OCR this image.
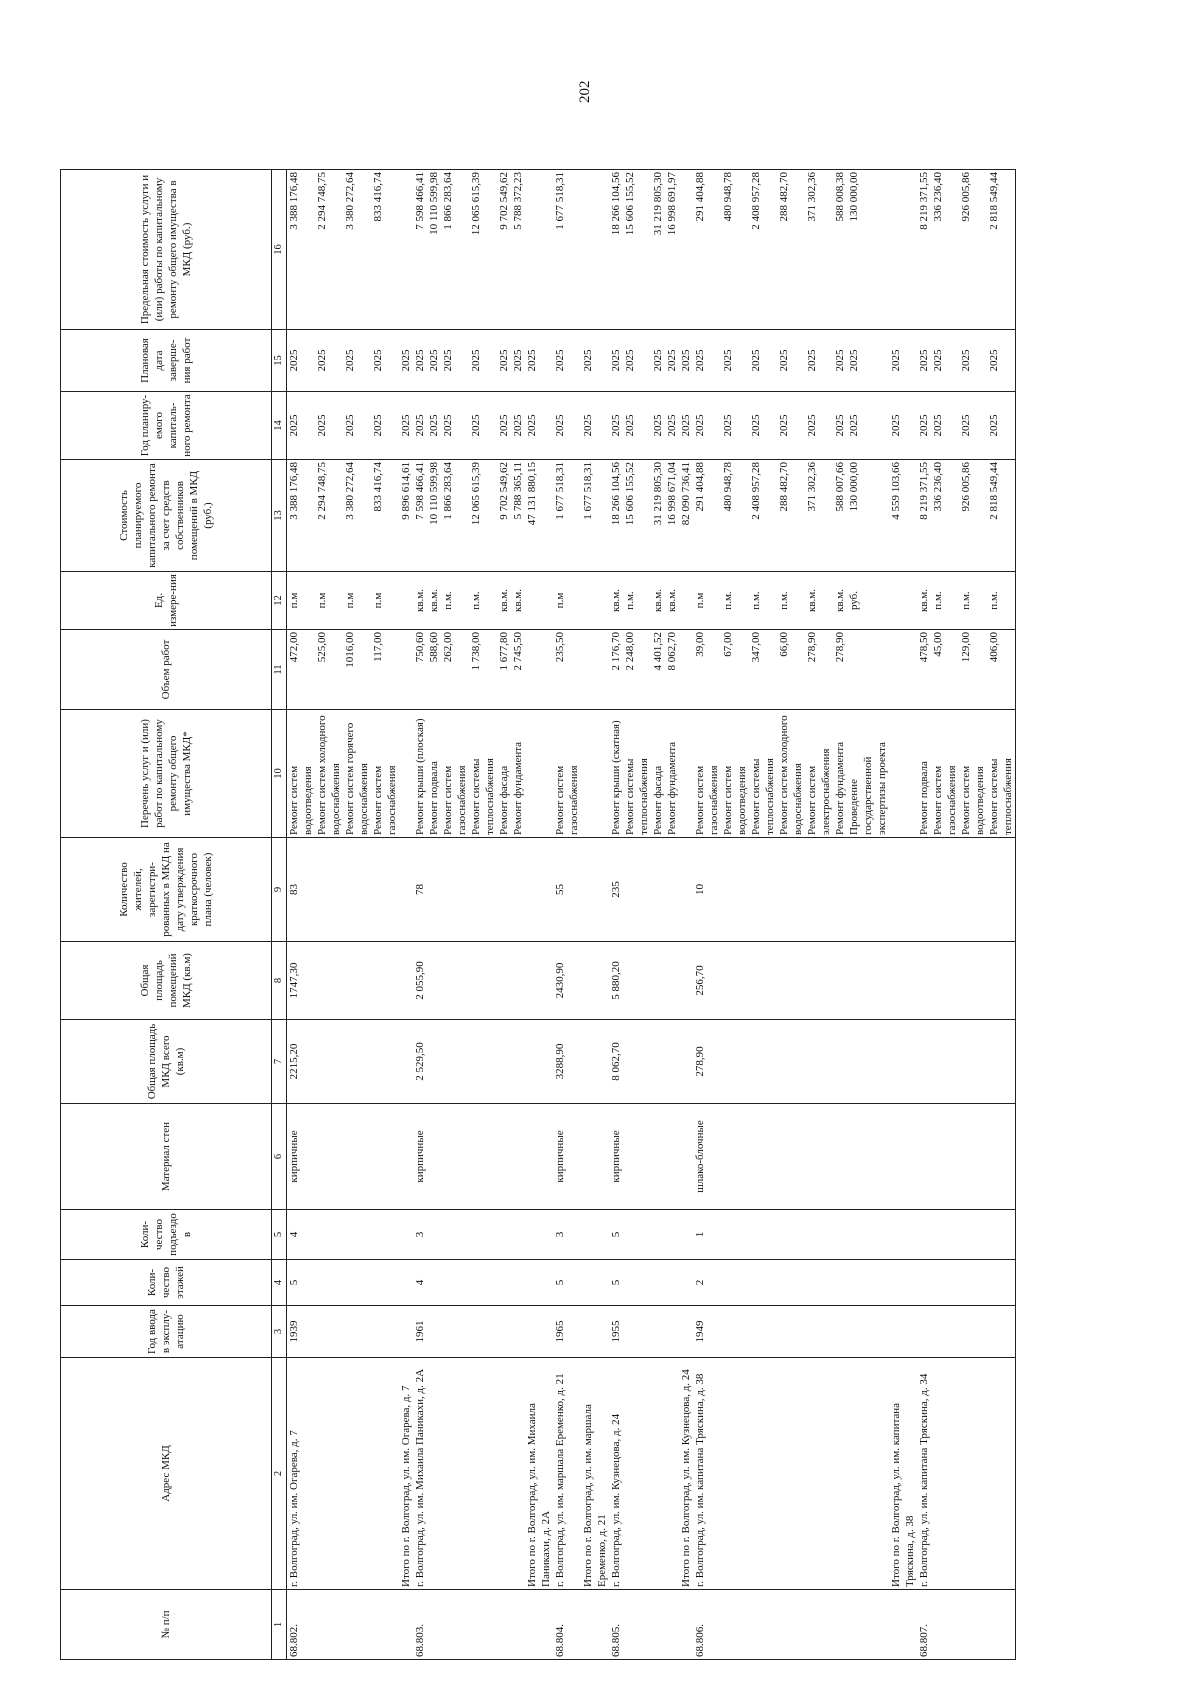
202
№ п/п	Адрес МКД	Год ввода в эксплу-атацию	Коли-чество этажей	Коли-чество подъездо в	Материал стен	Общая площадь МКД всего (кв.м)	Общая площадь помещений МКД (кв.м)	Количество жителей, зарегистри-рованных в МКД на дату утверждения краткосрочного плана (человек)	Перечень услуг и (или) работ по капитальному ремонту общего имущества МКД*	Объем работ	Ед. измере-ния	Стоимость планируемого капитального ремонта за счет средств собственников помещений в МКД (руб.)	Год планиру-емого капиталь-ного ремонта	Плановая дата заверше-ния работ	Предельная стоимость услуги и (или) работы по капитальному ремонту общего имущества в МКД (руб.)
1	2	3	4	5	6	7	8	9	10	11	12	13	14	15	16
68.802.	г. Волгоград, ул. им. Огарева, д. 7	1939	5	4	кирпичные	2215,20	1747,30	83	Ремонт систем водоотведения	472,00	п.м	3 388 176,48	2025	2025	3 388 176,48
									Ремонт систем холодного водоснабжения	525,00	п.м	2 294 748,75	2025	2025	2 294 748,75
									Ремонт систем горячего водоснабжения	1016,00	п.м	3 380 272,64	2025	2025	3 380 272,64
									Ремонт систем газоснабжения	117,00	п.м	833 416,74	2025	2025	833 416,74
	Итого по г. Волгоград, ул. им. Огарева, д. 7											9 896 614,61	2025	2025	
68.803.	г. Волгоград, ул. им. Михаила Паникахи, д. 2А	1961	4	3	кирпичные	2 529,50	2 055,90	78	Ремонт крыши (плоская)	750,60	кв.м.	7 598 466,41	2025	2025	7 598 466,41
									Ремонт подвала	588,60	кв.м.	10 110 599,98	2025	2025	10 110 599,98
									Ремонт систем газоснабжения	262,00	п.м.	1 866 283,64	2025	2025	1 866 283,64
									Ремонт системы теплоснабжения	1 738,00	п.м.	12 065 615,39	2025	2025	12 065 615,39
									Ремонт фасада	1 677,80	кв.м.	9 702 549,62	2025	2025	9 702 549,62
									Ремонт фундамента	2 745,50	кв.м.	5 788 365,11	2025	2025	5 788 372,23
	Итого по г. Волгоград, ул. им. Михаила Паникахи, д. 2А											47 131 880,15	2025	2025	
68.804.	г. Волгоград, ул. им. маршала Еременко, д. 21	1965	5	3	кирпичные	3288,90	2430,90	55	Ремонт систем газоснабжения	235,50	п.м	1 677 518,31	2025	2025	1 677 518,31
	Итого по г. Волгоград, ул. им. маршала Еременко, д. 21											1 677 518,31	2025	2025	
68.805.	г. Волгоград, ул. им. Кузнецова, д. 24	1955	5	5	кирпичные	8 062,70	5 880,20	235	Ремонт крыши (скатная)	2 176,70	кв.м.	18 266 104,56	2025	2025	18 266 104,56
									Ремонт системы теплоснабжения	2 248,00	п.м.	15 606 155,52	2025	2025	15 606 155,52
									Ремонт фасада	4 401,52	кв.м.	31 219 805,30	2025	2025	31 219 805,30
									Ремонт фундамента	8 062,70	кв.м.	16 998 671,04	2025	2025	16 998 691,97
	Итого по г. Волгоград, ул. им. Кузнецова, д. 24											82 090 736,41	2025	2025	
68.806.	г. Волгоград, ул. им. капитана Тряскина, д. 38	1949	2	1	шлако-блочные	278,90	256,70	10	Ремонт систем газоснабжения	39,00	п.м	291 404,88	2025	2025	291 404,88
									Ремонт систем водоотведения	67,00	п.м.	480 948,78	2025	2025	480 948,78
									Ремонт системы теплоснабжения	347,00	п.м.	2 408 957,28	2025	2025	2 408 957,28
									Ремонт систем холодного водоснабжения	66,00	п.м.	288 482,70	2025	2025	288 482,70
									Ремонт систем электроснабжения	278,90	кв.м.	371 302,36	2025	2025	371 302,36
									Ремонт фундамента	278,90	кв.м.	588 007,66	2025	2025	588 008,38
									Проведение государственной экспертизы проекта		руб.	130 000,00	2025	2025	130 000,00
	Итого по г. Волгоград, ул. им. капитана Тряскина, д. 38											4 559 103,66	2025	2025	
68.807.	г. Волгоград, ул. им. капитана Тряскина, д. 34								Ремонт подвала	478,50	кв.м.	8 219 371,55	2025	2025	8 219 371,55
									Ремонт систем газоснабжения	45,00	п.м.	336 236,40	2025	2025	336 236,40
									Ремонт систем водоотведения	129,00	п.м.	926 005,86	2025	2025	926 005,86
									Ремонт системы теплоснабжения	406,00	п.м.	2 818 549,44	2025	2025	2 818 549,44
